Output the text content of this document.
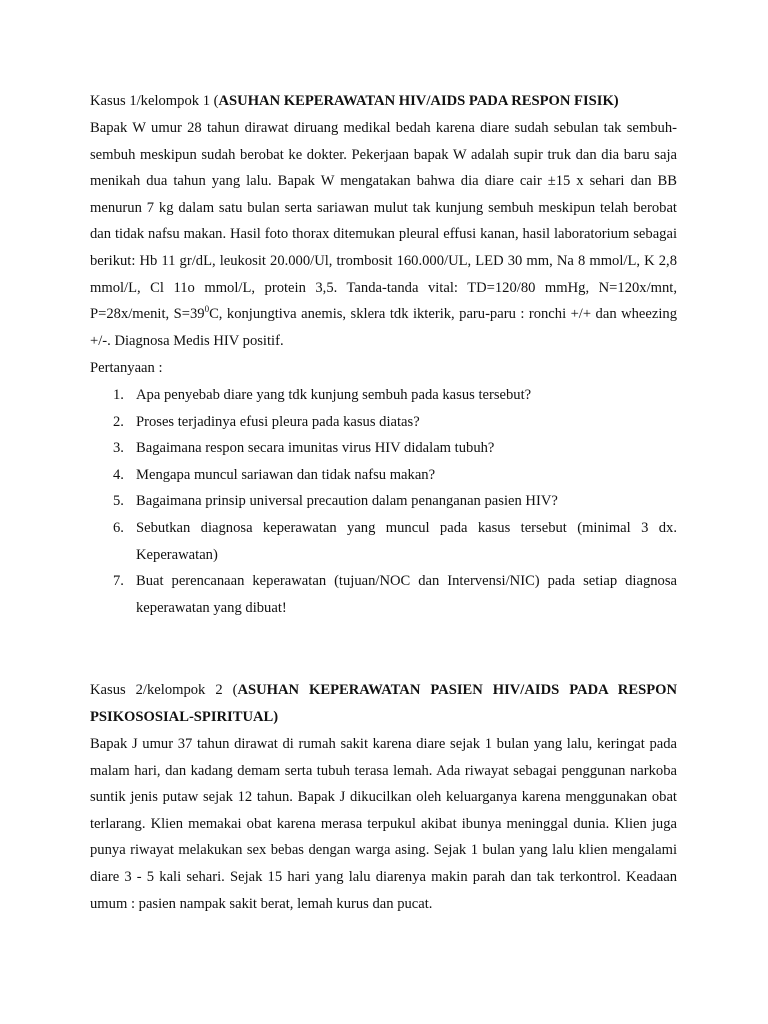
Kasus 1/kelompok 1 (ASUHAN KEPERAWATAN HIV/AIDS PADA RESPON FISIK)
Bapak W umur 28 tahun dirawat diruang medikal bedah karena diare sudah sebulan tak sembuh-sembuh meskipun sudah berobat ke dokter. Pekerjaan bapak W adalah supir truk dan dia baru saja menikah dua tahun yang lalu. Bapak W mengatakan bahwa dia diare cair ±15 x sehari dan BB menurun 7 kg dalam satu bulan serta sariawan mulut tak kunjung sembuh meskipun telah berobat dan tidak nafsu makan. Hasil foto thorax ditemukan pleural effusi kanan, hasil laboratorium sebagai berikut: Hb 11 gr/dL, leukosit 20.000/Ul, trombosit 160.000/UL, LED 30 mm, Na 8 mmol/L, K 2,8 mmol/L, Cl 11o mmol/L, protein 3,5. Tanda-tanda vital: TD=120/80 mmHg, N=120x/mnt, P=28x/menit, $S=39^0C$, konjungtiva anemis, sklera tdk ikterik, paru-paru : ronchi +/+ dan wheezing +/-. Diagnosa Medis HIV positif.
Pertanyaan :
1. Apa penyebab diare yang tdk kunjung sembuh pada kasus tersebut?
2. Proses terjadinya efusi pleura pada kasus diatas?
3. Bagaimana respon secara imunitas virus HIV didalam tubuh?
4. Mengapa muncul sariawan dan tidak nafsu makan?
5. Bagaimana prinsip universal precaution dalam penanganan pasien HIV?
6. Sebutkan diagnosa keperawatan yang muncul pada kasus tersebut (minimal 3 dx. Keperawatan)
7. Buat perencanaan keperawatan (tujuan/NOC dan Intervensi/NIC) pada setiap diagnosa keperawatan yang dibuat!
Kasus 2/kelompok 2 (ASUHAN KEPERAWATAN PASIEN HIV/AIDS PADA RESPON
PSIKOSOSIAL-SPIRITUAL)
Bapak J umur 37 tahun dirawat di rumah sakit karena diare sejak 1 bulan yang lalu, keringat pada malam hari, dan kadang demam serta tubuh terasa lemah. Ada riwayat sebagai penggunan narkoba suntik jenis putaw sejak 12 tahun. Bapak J dikucilkan oleh keluarganya karena menggunakan obat terlarang. Klien memakai obat karena merasa terpukul akibat ibunya meninggal dunia. Klien juga punya riwayat melakukan sex bebas dengan warga asing. Sejak 1 bulan yang lalu klien mengalami diare 3 - 5 kali sehari. Sejak 15 hari yang lalu diarenya makin parah dan tak terkontrol. Keadaan umum : pasien nampak sakit berat, lemah kurus dan pucat.
